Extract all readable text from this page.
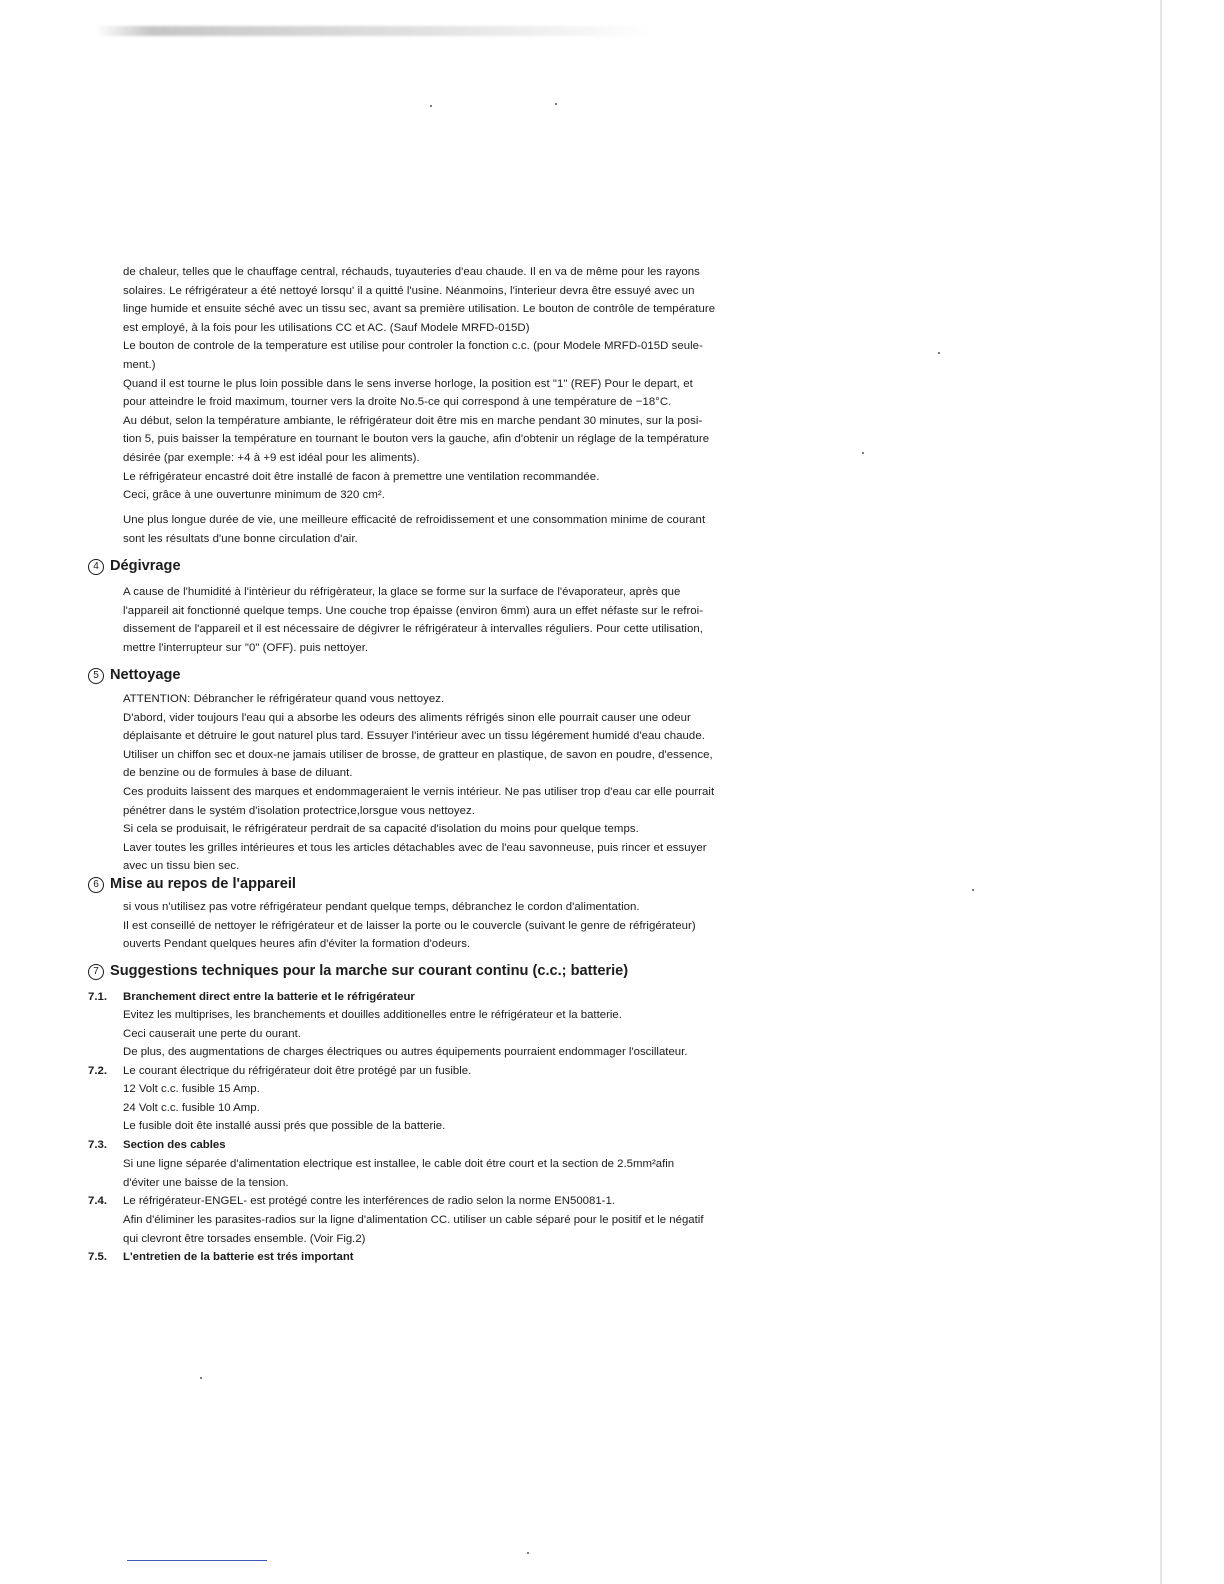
de chaleur, telles que le chauffage central, réchauds, tuyauteries d'eau chaude. Il en va de même pour les rayons
solaires. Le réfrigérateur a été nettoyé lorsqu' il a quitté l'usine. Néanmoins, l'interieur devra être essuyé avec un
linge humide et ensuite séché avec un tissu sec, avant sa première utilisation. Le bouton de contrôle de température
est employé, à la fois pour les utilisations CC et AC. (Sauf Modele MRFD-015D)
Le bouton de controle de la temperature est utilise pour controler la fonction c.c. (pour Modele MRFD-015D seule-
ment.)
Quand il est tourne le plus loin possible dans le sens inverse horloge, la position est "1" (REF) Pour le depart, et
pour atteindre le froid maximum, tourner vers la droite No.5-ce qui correspond à une température de −18°C.
Au début, selon la température ambiante, le réfrigérateur doit être mis en marche pendant 30 minutes, sur la posi-
tion 5, puis baisser la température en tournant le bouton vers la gauche, afin d'obtenir un réglage de la température
désirée (par exemple: +4 à +9 est idéal pour les aliments).
Le réfrigérateur encastré doit être installé de facon à premettre une ventilation recommandée.
Ceci, grâce à une ouvertunre minimum de 320 cm².
Une plus longue durée de vie, une meilleure efficacité de refroidissement et une consommation minime de courant
sont les résultats d'une bonne circulation d'air.
4 Dégivrage
A cause de l'humidité à l'intèrieur du réfrigèrateur, la glace se forme sur la surface de l'évaporateur, après que
l'appareil ait fonctionné quelque temps. Une couche trop épaisse (environ 6mm) aura un effet néfaste sur le refroi-
dissement de l'appareil et il est nécessaire de dégivrer le réfrigérateur à intervalles réguliers. Pour cette utilisation,
mettre l'interrupteur sur "0" (OFF). puis nettoyer.
5 Nettoyage
ATTENTION: Débrancher le réfrigérateur quand vous nettoyez.
D'abord, vider toujours l'eau qui a absorbe les odeurs des aliments réfrigés sinon elle pourrait causer une odeur
déplaisante et détruire le gout naturel plus tard. Essuyer l'intérieur avec un tissu légérement humidé d'eau chaude.
Utiliser un chiffon sec et doux-ne jamais utiliser de brosse, de gratteur en plastique, de savon en poudre, d'essence,
de benzine ou de formules à base de diluant.
Ces produits laissent des marques et endommageraient le vernis intérieur. Ne pas utiliser trop d'eau car elle pourrait
pénétrer dans le systém d'isolation protectrice,lorsgue vous nettoyez.
Si cela se produisait, le réfrigérateur perdrait de sa capacité d'isolation du moins pour quelque temps.
Laver toutes les grilles intérieures et tous les articles détachables avec de l'eau savonneuse, puis rincer et essuyer
avec un tissu bien sec.
6 Mise au repos de l'appareil
si vous n'utilisez pas votre réfrigérateur pendant quelque temps, débranchez le cordon d'alimentation.
Il est conseillé de nettoyer le réfrigérateur et de laisser la porte ou le couvercle (suivant le genre de réfrigérateur)
ouverts Pendant quelques heures afin d'éviter la formation d'odeurs.
7 Suggestions techniques pour la marche sur courant continu (c.c.; batterie)
7.1. Branchement direct entre la batterie et le réfrigérateur
Evitez les multiprises, les branchements et douilles additionelles entre le réfrigérateur et la batterie.
Ceci causerait une perte du ourant.
De plus, des augmentations de charges électriques ou autres équipements pourraient endommager l'oscillateur.
7.2. Le courant électrique du réfrigérateur doit être protégé par un fusible.
12 Volt c.c. fusible 15 Amp.
24 Volt c.c. fusible 10 Amp.
Le fusible doit ête installé aussi prés que possible de la batterie.
7.3. Section des cables
Si une ligne séparée d'alimentation electrique est installee, le cable doit étre court et la section de 2.5mm²afin
d'éviter une baisse de la tension.
7.4. Le réfrigérateur-ENGEL- est protégé contre les interférences de radio selon la norme EN50081-1.
Afin d'éliminer les parasites-radios sur la ligne d'alimentation CC. utiliser un cable séparé pour le positif et le négatif
qui clevront être torsades ensemble. (Voir Fig.2)
7.5. L'entretien de la batterie est trés important
